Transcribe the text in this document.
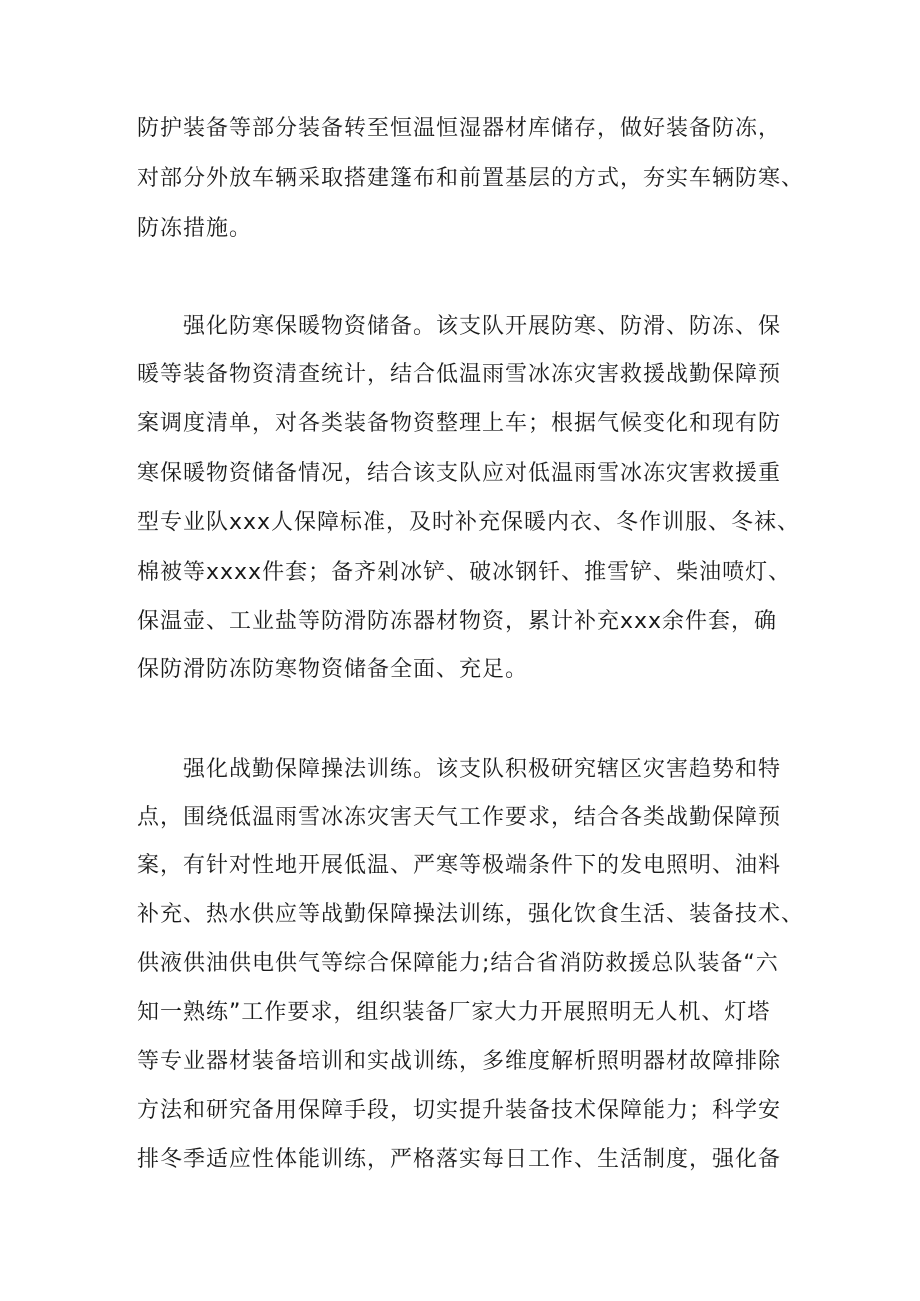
防护装备等部分装备转至恒温恒湿器材库储存，做好装备防冻，
对部分外放车辆采取搭建篷布和前置基层的方式，夯实车辆防寒、
防冻措施。
强化防寒保暖物资储备。该支队开展防寒、防滑、防冻、保
暖等装备物资清查统计，结合低温雨雪冰冻灾害救援战勤保障预
案调度清单，对各类装备物资整理上车；根据气候变化和现有防
寒保暖物资储备情况，结合该支队应对低温雨雪冰冻灾害救援重
型专业队xxx人保障标准，及时补充保暖内衣、冬作训服、冬袜、
棉被等xxxx件套；备齐剁冰铲、破冰钢钎、推雪铲、柴油喷灯、
保温壶、工业盐等防滑防冻器材物资，累计补充xxx余件套，确
保防滑防冻防寒物资储备全面、充足。
强化战勤保障操法训练。该支队积极研究辖区灾害趋势和特
点，围绕低温雨雪冰冻灾害天气工作要求，结合各类战勤保障预
案，有针对性地开展低温、严寒等极端条件下的发电照明、油料
补充、热水供应等战勤保障操法训练，强化饮食生活、装备技术、
供液供油供电供气等综合保障能力;结合省消防救援总队装备“六
知一熟练”工作要求，组织装备厂家大力开展照明无人机、灯塔
等专业器材装备培训和实战训练，多维度解析照明器材故障排除
方法和研究备用保障手段，切实提升装备技术保障能力；科学安
排冬季适应性体能训练，严格落实每日工作、生活制度，强化备
